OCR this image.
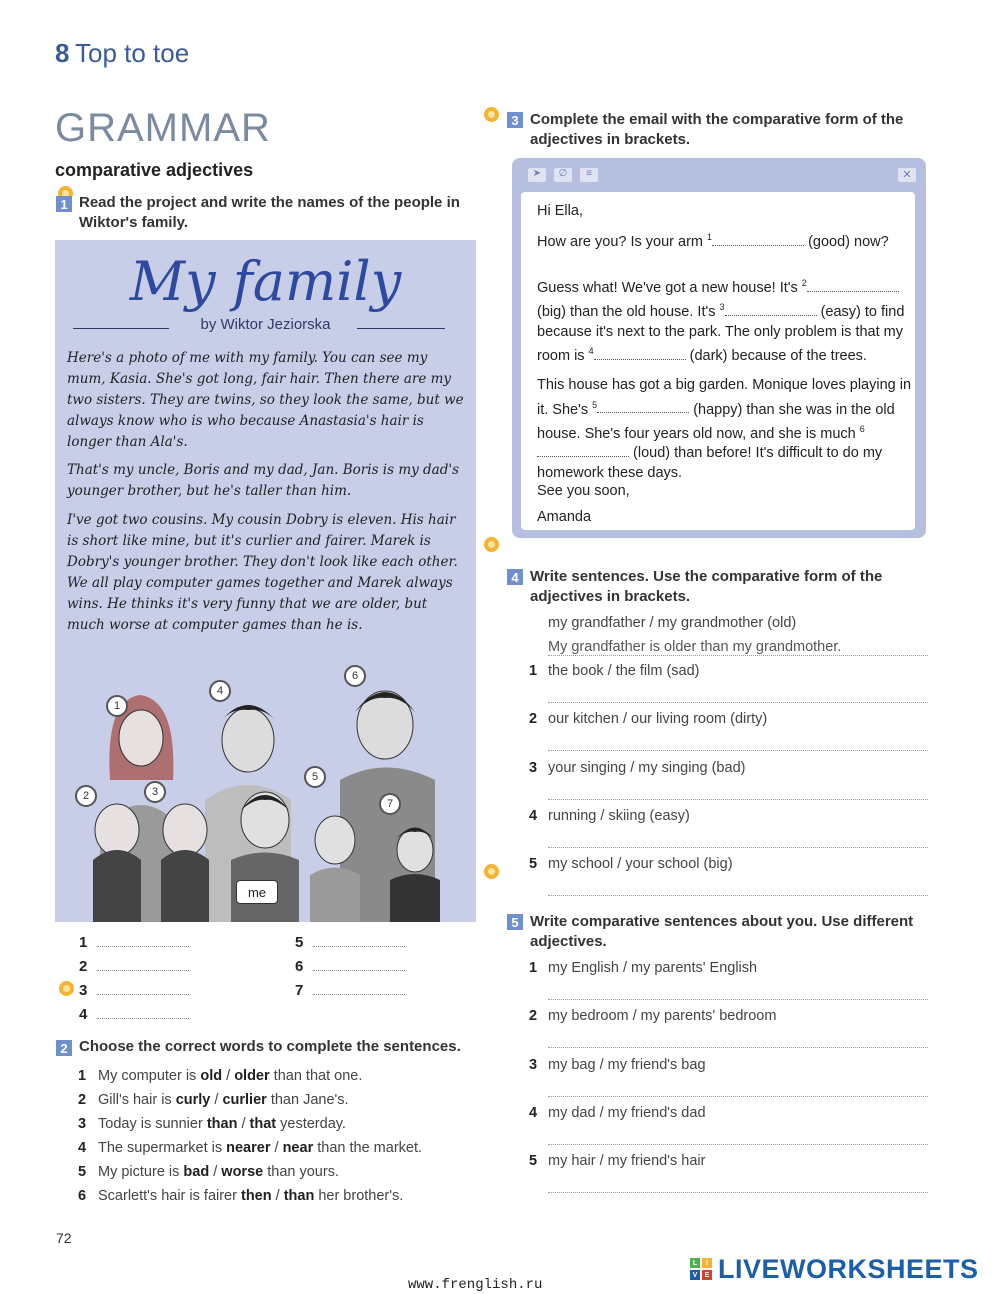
8 Top to toe
GRAMMAR
comparative adjectives
1 Read the project and write the names of the people in Wiktor's family.
My family
by Wiktor Jeziorska
Here's a photo of me with my family. You can see my mum, Kasia. She's got long, fair hair. Then there are my two sisters. They are twins, so they look the same, but we always know who is who because Anastasia's hair is longer than Ala's.
That's my uncle, Boris and my dad, Jan. Boris is my dad's younger brother, but he's taller than him.
I've got two cousins. My cousin Dobry is eleven. His hair is short like mine, but it's curlier and fairer. Marek is Dobry's younger brother. They don't look like each other. We all play computer games together and Marek always wins. He thinks it's very funny that we are older, but much worse at computer games than he is.
1
2	3
4
5
6
7
me
1
2
3
4
5
6
7
2 Choose the correct words to complete the sentences.
1 My computer is old / older than that one.
2 Gill's hair is curly / curlier than Jane's.
3 Today is sunnier than / that yesterday.
4 The supermarket is nearer / near than the market.
5 My picture is bad / worse than yours.
6 Scarlett's hair is fairer then / than her brother's.
3 Complete the email with the comparative form of the adjectives in brackets.
➤	∅	≡	✕
Hi Ella,
How are you? Is your arm $^1$	(good) now?
Guess what! We've got a new house! It's $^2$ (big) than the old house. It's $^3$	(easy) to find because it's next to the park. The only problem is that my room is $^4$	(dark) because of the trees.
This house has got a big garden. Monique loves playing in it. She's $^5$	(happy) than she was in the old house. She's four years old now, and she is much $^6$ (loud) than before! It's difficult to do my homework these days.
See you soon,
Amanda
4 Write sentences. Use the comparative form of the adjectives in brackets.
my grandfather / my grandmother (old)
My grandfather is older than my grandmother.
1 the book / the film (sad)
2 our kitchen / our living room (dirty)
3 your singing / my singing (bad)
4 running / skiing (easy)
5 my school / your school (big)
5 Write comparative sentences about you. Use different adjectives.
1 my English / my parents' English
2 my bedroom / my parents' bedroom
3 my bag / my friend's bag
4 my dad / my friend's dad
5 my hair / my friend's hair
72
www.frenglish.ru
L	I
V	E LIVEWORKSHEETS
